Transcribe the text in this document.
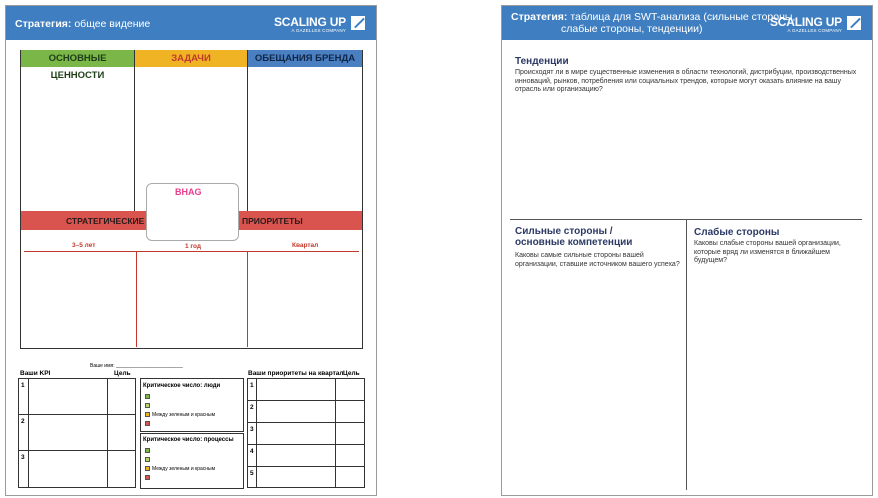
Стратегия: общее видение	SCALING UP
A GAZELLES COMPANY
ОСНОВНЫЕ ЦЕННОСТИ
ЗАДАЧИ	ОБЕЩАНИЯ БРЕНДА
СТРАТЕГИЧЕСКИЕ	ПРИОРИТЕТЫ
BHAG
3–5 лет	1 год	Квартал
Ваше имя: ________________________
Ваши KPI	Цель
1
2
3
Критическое число: люди
Между зеленым и красным
Критическое число: процессы
Между зеленым и красным
Ваши приоритеты на квартал Цель
1
2
3
4
5
Стратегия: таблица для SWT-анализа (сильные стороны,
слабые стороны, тенденции)	SCALING UP
A GAZELLES COMPANY
Тенденции
Происходят ли в мире существенные изменения в области технологий, дистрибуции, производственных инноваций, рынков, потребления или социальных трендов, которые могут оказать влияние на вашу отрасль или организацию?
Сильные стороны /
основные компетенции
Каковы самые сильные стороны вашей организации, ставшие источником вашего успеха?
Слабые стороны
Каковы слабые стороны вашей организации, которые вряд ли изменятся в ближайшем будущем?
